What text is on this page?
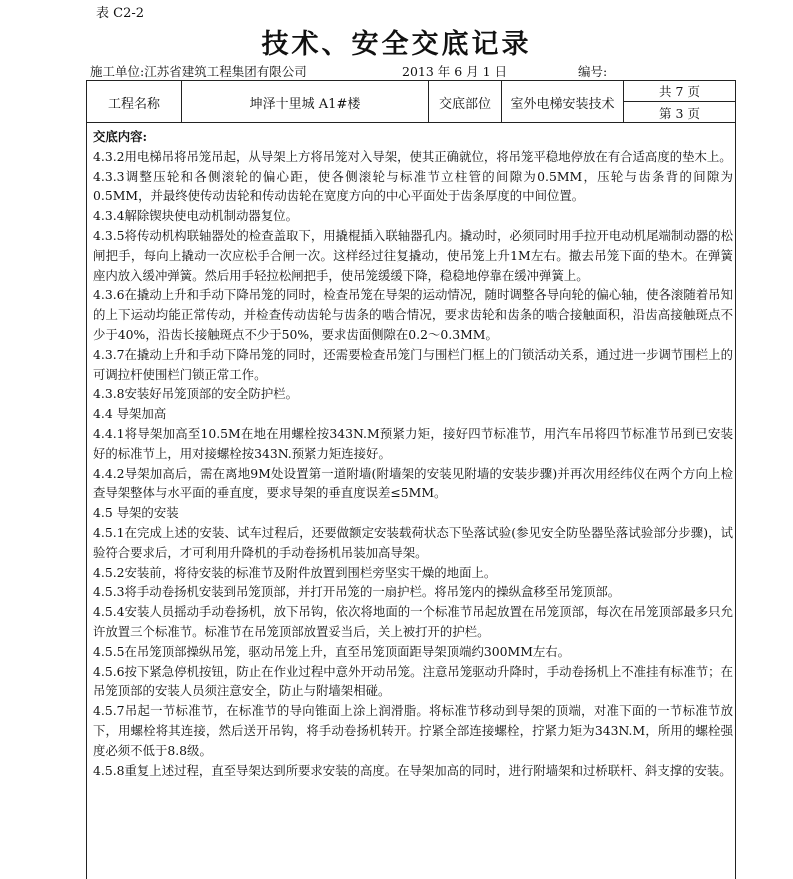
表 C2-2
技术、安全交底记录
施工单位:江苏省建筑工程集团有限公司	2013 年 6 月 1 日	编号:
工程名称	坤泽十里城 A1#楼	交底部位	室外电梯安装技术
共 7 页
第 3 页
交底内容:
4.3.2用电梯吊将吊笼吊起，从导架上方将吊笼对入导架，使其正确就位，将吊笼平稳地停放在有合适高度的垫木上。
4.3.3调整压轮和各侧滚轮的偏心距，使各侧滚轮与标准节立柱管的间隙为0.5MM，压轮与齿条背的间隙为0.5MM，并最终使传动齿轮和传动齿轮在宽度方向的中心平面处于齿条厚度的中间位置。
4.3.4解除锲块使电动机制动器复位。
4.3.5将传动机构联轴器处的检查盖取下，用撬棍插入联轴器孔内。撬动时，必须同时用手拉开电动机尾端制动器的松闸把手，每向上撬动一次应松手合闸一次。这样经过往复撬动，使吊笼上升1M左右。撤去吊笼下面的垫木。在弹簧座内放入缓冲弹簧。然后用手轻拉松闸把手，使吊笼缓缓下降，稳稳地停靠在缓冲弹簧上。
4.3.6在撬动上升和手动下降吊笼的同时，检查吊笼在导架的运动情况，随时调整各导向轮的偏心轴，使各滚随着吊知的上下运动均能正常传动，并检查传动齿轮与齿条的啮合情况，要求齿轮和齿条的啮合接触面积，沿齿高接触斑点不少于40%，沿齿长接触斑点不少于50%，要求齿面侧隙在0.2～0.3MM。
4.3.7在撬动上升和手动下降吊笼的同时，还需要检查吊笼门与围栏门框上的门锁活动关系，通过进一步调节围栏上的可调拉杆使围栏门锁正常工作。
4.3.8安装好吊笼顶部的安全防护栏。
4.4 导架加高
4.4.1将导架加高至10.5M在地在用螺栓按343N.M预紧力矩，接好四节标准节，用汽车吊将四节标准节吊到已安装好的标准节上，用对接螺栓按343N.预紧力矩连接好。
4.4.2导架加高后，需在离地9M处设置第一道附墙(附墙架的安装见附墙的安装步骤)并再次用经纬仪在两个方向上检查导架整体与水平面的垂直度，要求导架的垂直度误差≤5MM。
4.5 导架的安装
4.5.1在完成上述的安装、试车过程后，还要做额定安装载荷状态下坠落试验(参见安全防坠器坠落试验部分步骤)，试验符合要求后，才可利用升降机的手动卷扬机吊装加高导架。
4.5.2安装前，将待安装的标准节及附件放置到围栏旁坚实干燥的地面上。
4.5.3将手动卷扬机安装到吊笼顶部，并打开吊笼的一扇护栏。将吊笼内的操纵盒移至吊笼顶部。
4.5.4安装人员摇动手动卷扬机，放下吊钩，依次将地面的一个标准节吊起放置在吊笼顶部，每次在吊笼顶部最多只允许放置三个标准节。标准节在吊笼顶部放置妥当后，关上被打开的护栏。
4.5.5在吊笼顶部操纵吊笼，驱动吊笼上升，直至吊笼顶面距导架顶端约300MM左右。
4.5.6按下紧急停机按钮，防止在作业过程中意外开动吊笼。注意吊笼驱动升降时，手动卷扬机上不准挂有标准节；在吊笼顶部的安装人员须注意安全，防止与附墙架相碰。
4.5.7吊起一节标准节，在标准节的导向锥面上涂上润滑脂。将标准节移动到导架的顶端，对准下面的一节标准节放下，用螺栓将其连接，然后送开吊钩，将手动卷扬机转开。拧紧全部连接螺栓，拧紧力矩为343N.M，所用的螺栓强度必须不低于8.8级。
4.5.8重复上述过程，直至导架达到所要求安装的高度。在导架加高的同时，进行附墙架和过桥联杆、斜支撑的安装。
